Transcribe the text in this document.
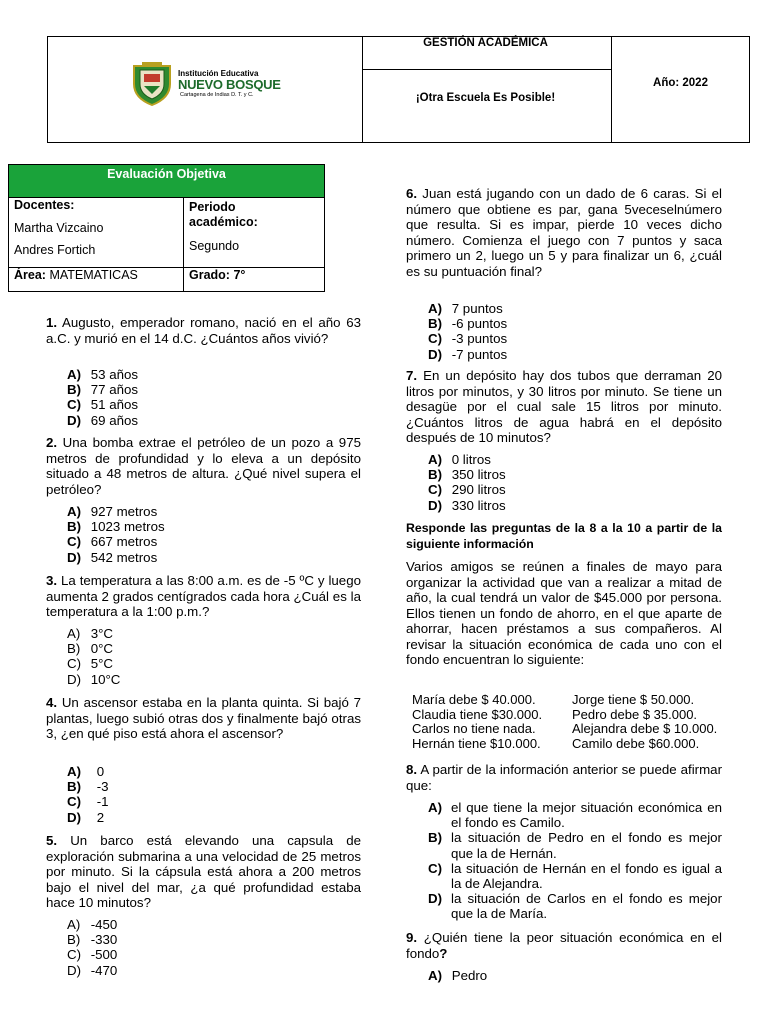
GESTIÓN ACADÉMICA
¡Otra Escuela Es Posible!
Año: 2022
Institución Educativa
NUEVO BOSQUE
Cartagena de Indias D. T. y C.
Evaluación Objetiva
Docentes:
Martha Vizcaino
Andres Fortich
Periodo
académico:
Segundo
Área: MATEMATICAS	Grado: 7°
1. Augusto, emperador romano, nació en el año 63 a.C. y murió en el 14 d.C. ¿Cuántos años vivió?
A) 53 años
B) 77 años
C) 51 años
D) 69 años
2. Una bomba extrae el petróleo de un pozo a 975 metros de profundidad y lo eleva a un depósito situado a 48 metros de altura. ¿Qué nivel supera el petróleo?
A) 927 metros
B) 1023 metros
C) 667 metros
D) 542 metros
3. La temperatura a las 8:00 a.m. es de -5 ºC y luego aumenta 2 grados centígrados cada hora ¿Cuál es la temperatura a la 1:00 p.m.?
A) 3°C
B) 0°C
C) 5°C
D) 10°C
4. Un ascensor estaba en la planta quinta. Si bajó 7 plantas, luego subió otras dos y finalmente bajó otras 3, ¿en qué piso está ahora el ascensor?
A) 0
B) -3
C) -1
D) 2
5. Un barco está elevando una capsula de exploración submarina a una velocidad de 25 metros por minuto. Si la cápsula está ahora a 200 metros bajo el nivel del mar, ¿a qué profundidad estaba hace 10 minutos?
A) -450
B) -330
C) -500
D) -470
6. Juan está jugando con un dado de 6 caras. Si el número que obtiene es par, gana 5veceselnúmero que resulta. Si es impar, pierde 10 veces dicho número. Comienza el juego con 7 puntos y saca primero un 2, luego un 5 y para finalizar un 6, ¿cuál es su puntuación final?
A) 7 puntos
B) -6 puntos
C) -3 puntos
D) -7 puntos
7. En un depósito hay dos tubos que derraman 20 litros por minutos, y 30 litros por minuto. Se tiene un desagüe por el cual sale 15 litros por minuto. ¿Cuántos litros de agua habrá en el depósito después de 10 minutos?
A) 0 litros
B) 350 litros
C) 290 litros
D) 330 litros
Responde las preguntas de la 8 a la 10 a partir de la siguiente información
Varios amigos se reúnen a finales de mayo para organizar la actividad que van a realizar a mitad de año, la cual tendrá un valor de $45.000 por persona. Ellos tienen un fondo de ahorro, en el que aparte de ahorrar, hacen préstamos a sus compañeros. Al revisar la situación económica de cada uno con el fondo encuentran lo siguiente:
María debe $ 40.000.
Claudia tiene $30.000.
Carlos no tiene nada.
Hernán tiene $10.000.
Jorge tiene $ 50.000.
Pedro debe $ 35.000.
Alejandra debe $ 10.000.
Camilo debe $60.000.
8. A partir de la información anterior se puede afirmar que:
A) el que tiene la mejor situación económica en el fondo es Camilo.
B) la situación de Pedro en el fondo es mejor que la de Hernán.
C) la situación de Hernán en el fondo es igual a la de Alejandra.
D) la situación de Carlos en el fondo es mejor que la de María.
9. ¿Quién tiene la peor situación económica en el fondo?
A) Pedro
